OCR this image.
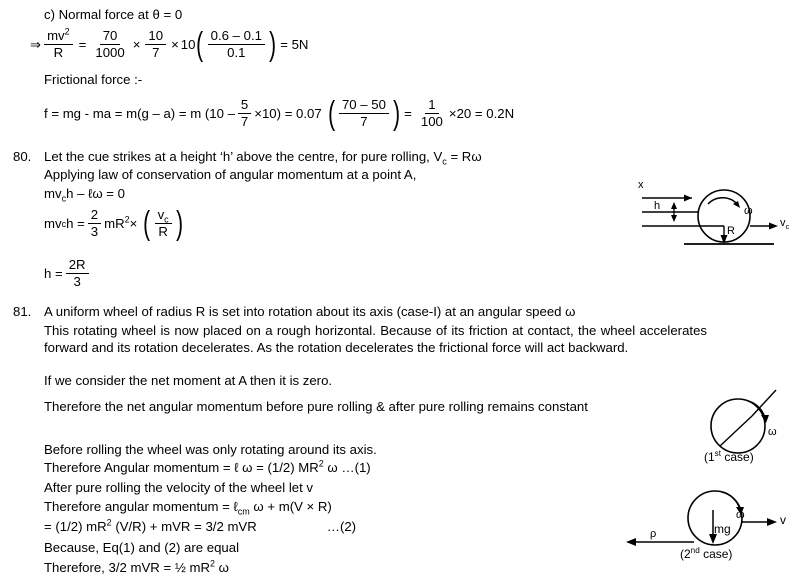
c) Normal force at θ = 0
⇒ $\frac{mv^2}{R} = \frac{70}{1000} \times \frac{10}{7} \times 10$ ( $\frac{0.6 - 0.1}{0.1}$ ) = 5N
Frictional force :-
f = mg - ma = m(g – a) = m $(10 - \frac{5}{7} \times 10) = 0.07$ ( $\frac{70 - 50}{7}$ ) = $\frac{1}{100} \times 20 = 0.2N$
80. Let the cue strikes at a height ‘h’ above the centre, for pure rolling, $V_c = R\omega$
Applying law of conservation of angular momentum at a point A,
$mv_ch$ – ℓω = 0
mv c $h = \frac{2}{3} mR^2$ × ( $\frac{v_c}{R}$ )
$h = \frac{2R}{3}$
x
h	ω
R
$v_c$
81. A uniform wheel of radius R is set into rotation about its axis (case-I) at an angular speed ω
This rotating wheel is now placed on a rough horizontal. Because of its friction at contact, the wheel accelerates forward and its rotation decelerates. As the rotation decelerates the frictional force will act backward.
If we consider the net moment at A then it is zero.
Therefore the net angular momentum before pure rolling & after pure rolling remains constant
Before rolling the wheel was only rotating around its axis.
Therefore Angular momentum = ℓ ω = (1/2) $MR^2$ ω …(1)
After pure rolling the velocity of the wheel let v
Therefore angular momentum = ℓ$_{cm}$ ω + m(V × R)
= (1/2) $mR^2$ (V/R) + mVR = 3/2 mVR	…(2)
Because, Eq(1) and (2) are equal
Therefore, 3/2 mVR = ½ $mR^2$ ω
ω
(1st case)
ω	v
mg
ρ
(2nd case)
